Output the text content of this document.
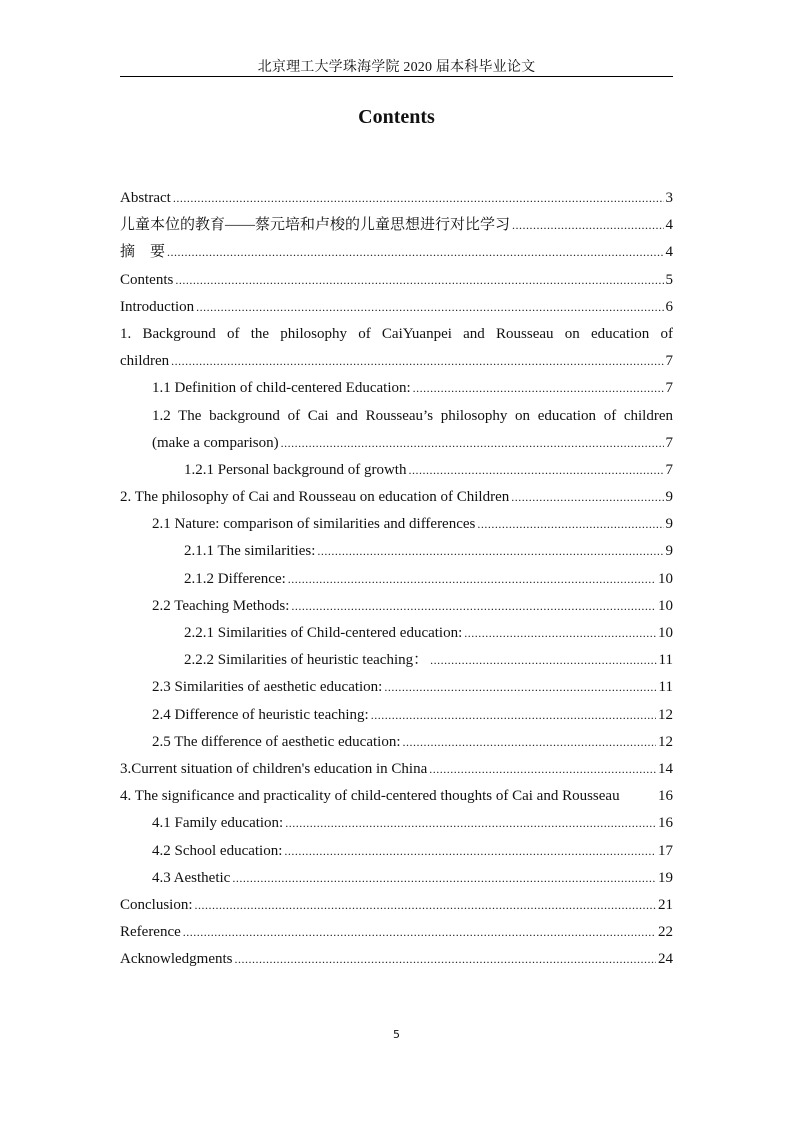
北京理工大学珠海学院 2020 届本科毕业论文
Contents
Abstract .....	3
儿童本位的教育——蔡元培和卢梭的儿童思想进行对比学习 .....	4
摘　要 .....	4
Contents .....	5
Introduction .....	6
1. Background of the philosophy of CaiYuanpei and Rousseau on education of
children .....	7
1.1 Definition of child-centered Education: .....	7
1.2 The background of Cai and Rousseau’s philosophy on education of children
(make a comparison) .....	7
1.2.1 Personal background of growth .....	7
2. The philosophy of Cai and Rousseau on education of Children .....	9
2.1 Nature: comparison of similarities and differences .....	9
2.1.1 The similarities: .....	9
2.1.2 Difference: .....	10
2.2 Teaching Methods: .....	10
2.2.1 Similarities of Child-centered education: .....	10
2.2.2 Similarities of heuristic teaching： .....	11
2.3 Similarities of aesthetic education: .....	11
2.4 Difference of heuristic teaching: .....	12
2.5 The difference of aesthetic education: .....	12
3.Current situation of children's education in China .....	14
4. The significance and practicality of child-centered thoughts of Cai and Rousseau	16
4.1 Family education: .....	16
4.2 School education: .....	17
4.3 Aesthetic .....	19
Conclusion: .....	21
Reference .....	22
Acknowledgments .....	24
5
